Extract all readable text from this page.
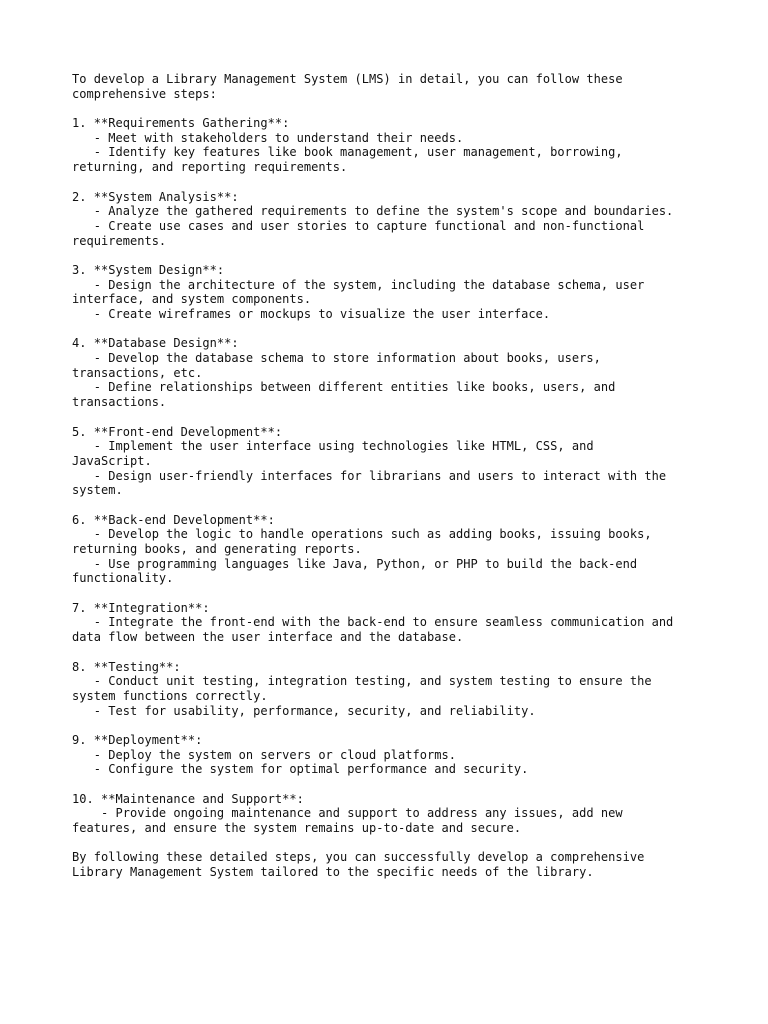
To develop a Library Management System (LMS) in detail, you can follow these
comprehensive steps:
1. **Requirements Gathering**:
- Meet with stakeholders to understand their needs.
- Identify key features like book management, user management, borrowing,
returning, and reporting requirements.
2. **System Analysis**:
- Analyze the gathered requirements to define the system's scope and boundaries.
- Create use cases and user stories to capture functional and non-functional
requirements.
3. **System Design**:
- Design the architecture of the system, including the database schema, user
interface, and system components.
- Create wireframes or mockups to visualize the user interface.
4. **Database Design**:
- Develop the database schema to store information about books, users,
transactions, etc.
- Define relationships between different entities like books, users, and
transactions.
5. **Front-end Development**:
- Implement the user interface using technologies like HTML, CSS, and
JavaScript.
- Design user-friendly interfaces for librarians and users to interact with the
system.
6. **Back-end Development**:
- Develop the logic to handle operations such as adding books, issuing books,
returning books, and generating reports.
- Use programming languages like Java, Python, or PHP to build the back-end
functionality.
7. **Integration**:
- Integrate the front-end with the back-end to ensure seamless communication and
data flow between the user interface and the database.
8. **Testing**:
- Conduct unit testing, integration testing, and system testing to ensure the
system functions correctly.
- Test for usability, performance, security, and reliability.
9. **Deployment**:
- Deploy the system on servers or cloud platforms.
- Configure the system for optimal performance and security.
10. **Maintenance and Support**:
- Provide ongoing maintenance and support to address any issues, add new
features, and ensure the system remains up-to-date and secure.
By following these detailed steps, you can successfully develop a comprehensive
Library Management System tailored to the specific needs of the library.
